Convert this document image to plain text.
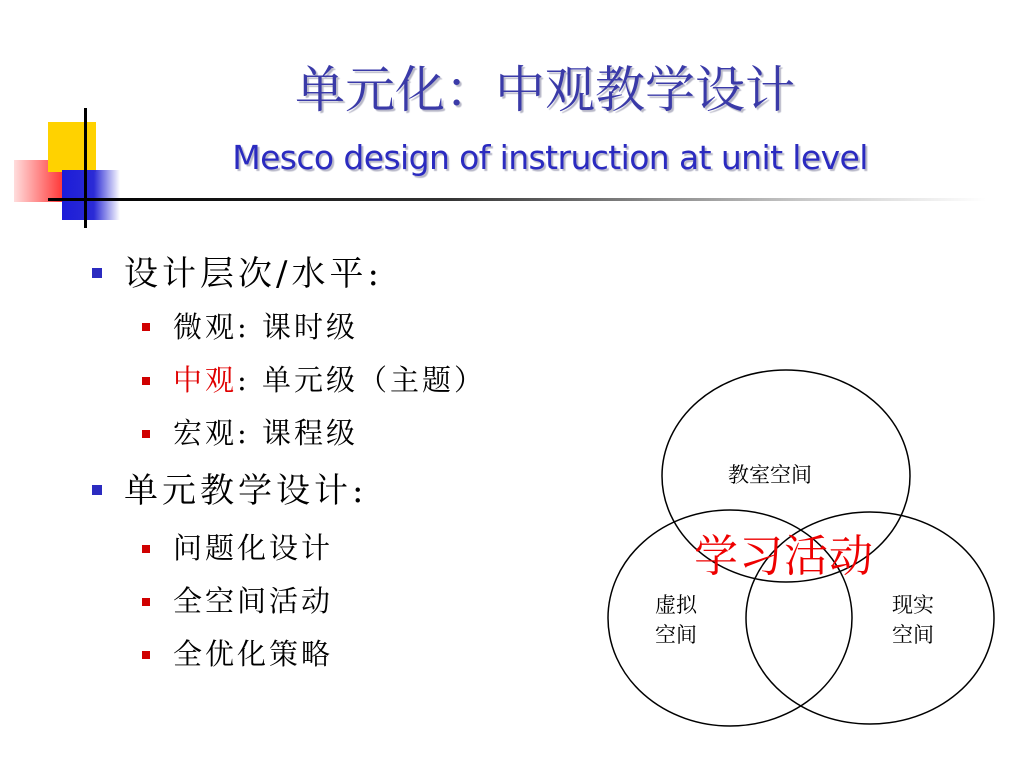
单元化：中观教学设计
Mesco design of instruction at unit level
设计层次/水平:
微观: 课时级
中观: 单元级（主题）
宏观: 课程级
单元教学设计:
问题化设计
全空间活动
全优化策略
教室空间
虚拟
空间
现实
空间
学习活动
